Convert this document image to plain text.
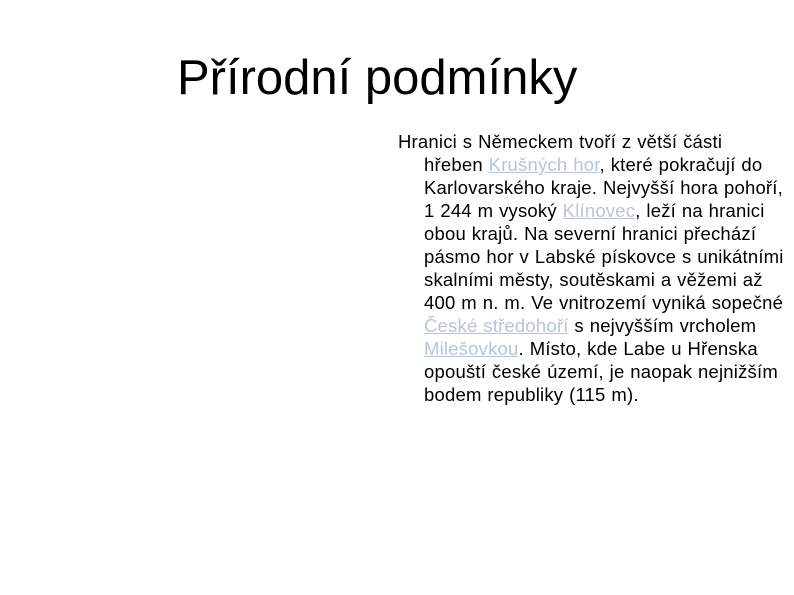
Přírodní podmínky

Hranici s Německem tvoří z větší části hřeben Krušných hor, které pokračují do Karlovarského kraje. Nejvyšší hora pohoří, 1 244 m vysoký Klínovec, leží na hranici obou krajů. Na severní hranici přechází pásmo hor v Labské pískovce s unikátními skalními městy, soutěskami a věžemi až 400 m n. m. Ve vnitrozemí vyniká sopečné České středohoří s nejvyšším vrcholem Milešovkou. Místo, kde Labe u Hřenska opouští české území, je naopak nejnižším bodem republiky (115 m).
